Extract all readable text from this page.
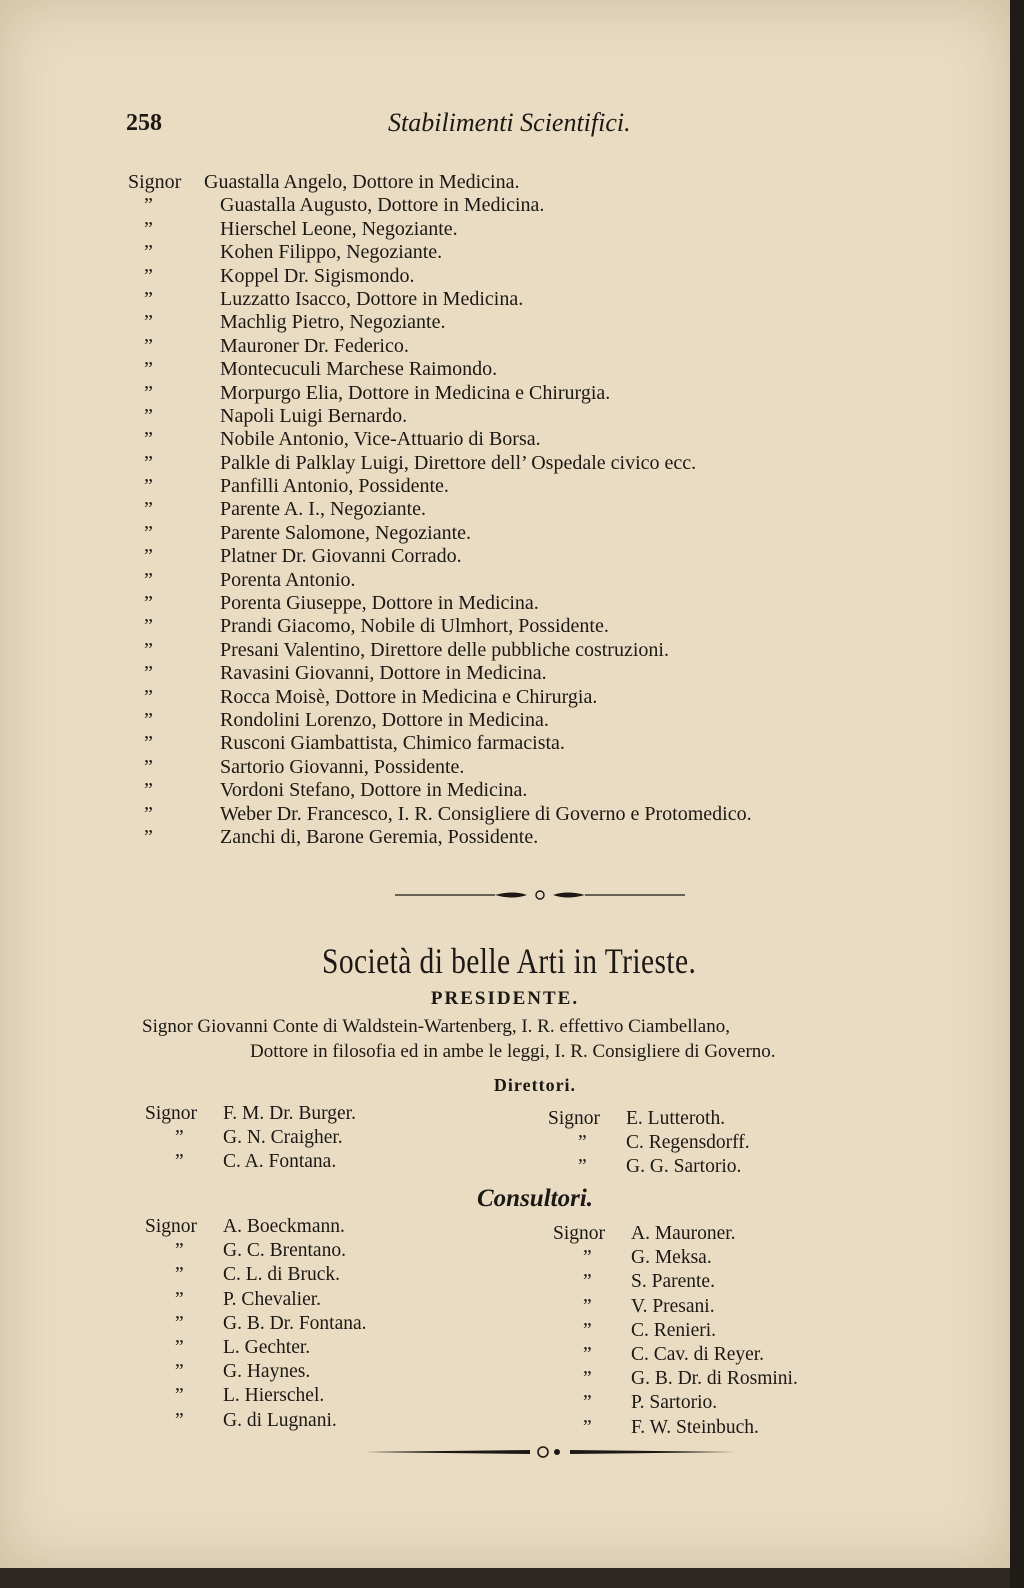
258	Stabilimenti Scientifici.
Signor Guastalla Angelo, Dottore in Medicina.
”	Guastalla Augusto, Dottore in Medicina.
”	Hierschel Leone, Negoziante.
”	Kohen Filippo, Negoziante.
”	Koppel Dr. Sigismondo.
”	Luzzatto Isacco, Dottore in Medicina.
”	Machlig Pietro, Negoziante.
”	Mauroner Dr. Federico.
”	Montecuculi Marchese Raimondo.
”	Morpurgo Elia, Dottore in Medicina e Chirurgia.
”	Napoli Luigi Bernardo.
”	Nobile Antonio, Vice-Attuario di Borsa.
”	Palkle di Palklay Luigi, Direttore dell’ Ospedale civico ecc.
”	Panfilli Antonio, Possidente.
”	Parente A. I., Negoziante.
”	Parente Salomone, Negoziante.
”	Platner Dr. Giovanni Corrado.
”	Porenta Antonio.
”	Porenta Giuseppe, Dottore in Medicina.
”	Prandi Giacomo, Nobile di Ulmhort, Possidente.
”	Presani Valentino, Direttore delle pubbliche costruzioni.
”	Ravasini Giovanni, Dottore in Medicina.
”	Rocca Moisè, Dottore in Medicina e Chirurgia.
”	Rondolini Lorenzo, Dottore in Medicina.
”	Rusconi Giambattista, Chimico farmacista.
”	Sartorio Giovanni, Possidente.
”	Vordoni Stefano, Dottore in Medicina.
”	Weber Dr. Francesco, I. R. Consigliere di Governo e Protomedico.
”	Zanchi di, Barone Geremia, Possidente.
Società di belle Arti in Trieste.
PRESIDENTE.
Signor Giovanni Conte di Waldstein-Wartenberg, I. R. effettivo Ciambellano,
Dottore in filosofia ed in ambe le leggi, I. R. Consigliere di Governo.
Direttori.
Signor F. M. Dr. Burger.
” G. N. Craigher.
” C. A. Fontana.
Signor E. Lutteroth.
” C. Regensdorff.
” G. G. Sartorio.
Consultori.
Signor A. Boeckmann.
” G. C. Brentano.
” C. L. di Bruck.
” P. Chevalier.
” G. B. Dr. Fontana.
” L. Gechter.
” G. Haynes.
” L. Hierschel.
” G. di Lugnani.
Signor A. Mauroner.
” G. Meksa.
” S. Parente.
” V. Presani.
” C. Renieri.
” C. Cav. di Reyer.
” G. B. Dr. di Rosmini.
” P. Sartorio.
” F. W. Steinbuch.
